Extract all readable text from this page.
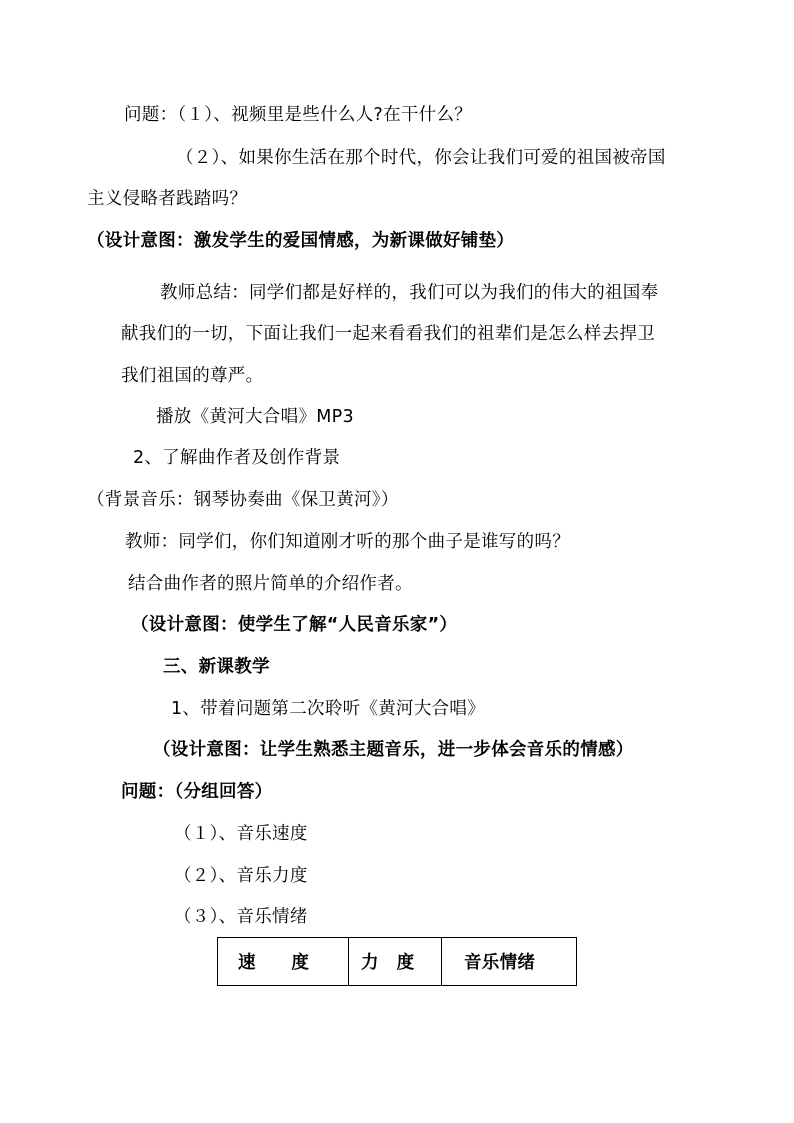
问题：（１）、视频里是些什么人?在干什么？
（２）、如果你生活在那个时代，你会让我们可爱的祖国被帝国
主义侵略者践踏吗？
（设计意图：激发学生的爱国情感，为新课做好铺垫）
教师总结：同学们都是好样的，我们可以为我们的伟大的祖国奉
献我们的一切，下面让我们一起来看看我们的祖辈们是怎么样去捍卫
我们祖国的尊严。
播放《黄河大合唱》MP3
2、了解曲作者及创作背景
（背景音乐：钢琴协奏曲《保卫黄河》）
教师：同学们，你们知道刚才听的那个曲子是谁写的吗？
结合曲作者的照片简单的介绍作者。
（设计意图：使学生了解“人民音乐家”）
三、新课教学
1、带着问题第二次聆听《黄河大合唱》
（设计意图：让学生熟悉主题音乐，进一步体会音乐的情感）
问题：（分组回答）
（１）、音乐速度
（２）、音乐力度
（３）、音乐情绪
速　　度	力　度	音乐情绪
